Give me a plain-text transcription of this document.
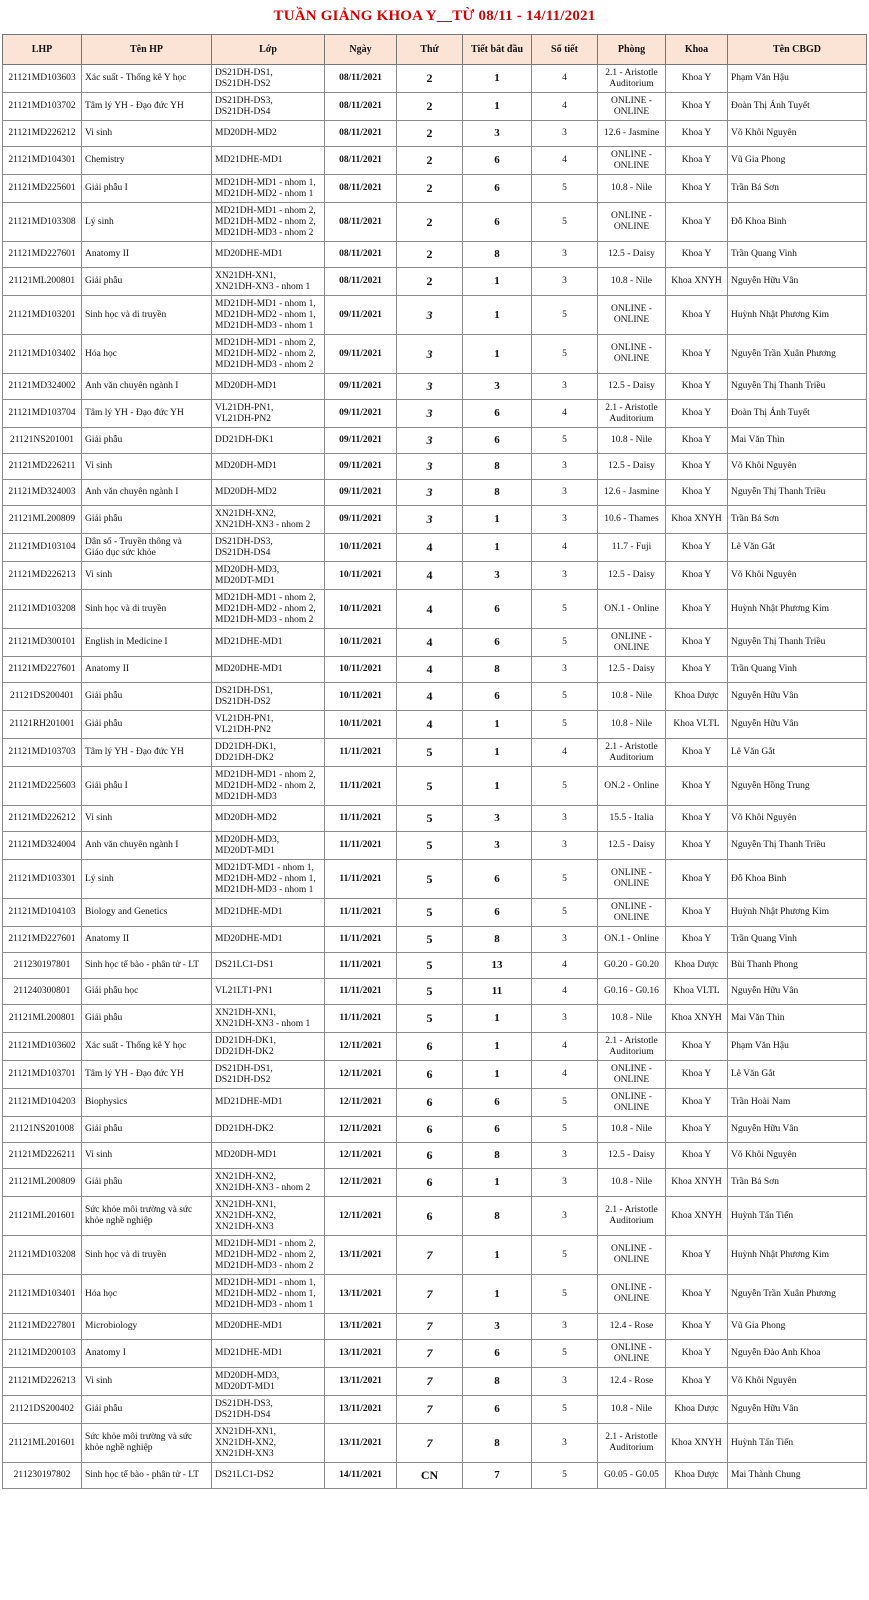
TUẦN GIẢNG KHOA Y__TỪ 08/11 - 14/11/2021
LHP	Tên HP	Lớp	Ngày	Thứ	Tiết bắt đầu	Số tiết	Phòng	Khoa	Tên CBGD
21121MD103603	Xác suất - Thống kê Y học	DS21DH-DS1,
DS21DH-DS2	08/11/2021	2	1	4	2.1 - Aristotle
Auditorium	Khoa Y	Phạm Văn Hậu
21121MD103702	Tâm lý YH - Đạo đức YH	DS21DH-DS3,
DS21DH-DS4	08/11/2021	2	1	4	ONLINE -
ONLINE	Khoa Y	Đoàn Thị Ánh Tuyết
21121MD226212	Vi sinh	MD20DH-MD2	08/11/2021	2	3	3	12.6 - Jasmine	Khoa Y	Võ Khôi Nguyên
21121MD104301	Chemistry	MD21DHE-MD1	08/11/2021	2	6	4	ONLINE -
ONLINE	Khoa Y	Vũ Gia Phong
21121MD225601	Giải phẫu I	MD21DH-MD1 - nhom 1,
MD21DH-MD2 - nhom 1	08/11/2021	2	6	5	10.8 - Nile	Khoa Y	Trần Bá Sơn
21121MD103308	Lý sinh	MD21DH-MD1 - nhom 2,
MD21DH-MD2 - nhom 2,
MD21DH-MD3 - nhom 2	08/11/2021	2	6	5	ONLINE -
ONLINE	Khoa Y	Đỗ Khoa Bình
21121MD227601	Anatomy II	MD20DHE-MD1	08/11/2021	2	8	3	12.5 - Daisy	Khoa Y	Trần Quang Vinh
21121ML200801	Giải phẫu	XN21DH-XN1,
XN21DH-XN3 - nhom 1	08/11/2021	2	1	3	10.8 - Nile	Khoa XNYH	Nguyễn Hữu Vân
21121MD103201	Sinh học và di truyền	MD21DH-MD1 - nhom 1,
MD21DH-MD2 - nhom 1,
MD21DH-MD3 - nhom 1	09/11/2021	3	1	5	ONLINE -
ONLINE	Khoa Y	Huỳnh Nhật Phương Kim
21121MD103402	Hóa học	MD21DH-MD1 - nhom 2,
MD21DH-MD2 - nhom 2,
MD21DH-MD3 - nhom 2	09/11/2021	3	1	5	ONLINE -
ONLINE	Khoa Y	Nguyễn Trần Xuân Phương
21121MD324002	Anh văn chuyên ngành I	MD20DH-MD1	09/11/2021	3	3	3	12.5 - Daisy	Khoa Y	Nguyễn Thị Thanh Triều
21121MD103704	Tâm lý YH - Đạo đức YH	VL21DH-PN1,
VL21DH-PN2	09/11/2021	3	6	4	2.1 - Aristotle
Auditorium	Khoa Y	Đoàn Thị Ánh Tuyết
21121NS201001	Giải phẫu	DD21DH-DK1	09/11/2021	3	6	5	10.8 - Nile	Khoa Y	Mai Văn Thìn
21121MD226211	Vi sinh	MD20DH-MD1	09/11/2021	3	8	3	12.5 - Daisy	Khoa Y	Võ Khôi Nguyên
21121MD324003	Anh văn chuyên ngành I	MD20DH-MD2	09/11/2021	3	8	3	12.6 - Jasmine	Khoa Y	Nguyễn Thị Thanh Triều
21121ML200809	Giải phẫu	XN21DH-XN2,
XN21DH-XN3 - nhom 2	09/11/2021	3	1	3	10.6 - Thames	Khoa XNYH	Trần Bá Sơn
21121MD103104	Dân số - Truyền thông và
Giáo dục sức khỏe	DS21DH-DS3,
DS21DH-DS4	10/11/2021	4	1	4	11.7 - Fuji	Khoa Y	Lê Văn Gắt
21121MD226213	Vi sinh	MD20DH-MD3,
MD20DT-MD1	10/11/2021	4	3	3	12.5 - Daisy	Khoa Y	Võ Khôi Nguyên
21121MD103208	Sinh học và di truyền	MD21DH-MD1 - nhom 2,
MD21DH-MD2 - nhom 2,
MD21DH-MD3 - nhom 2	10/11/2021	4	6	5	ON.1 - Online	Khoa Y	Huỳnh Nhật Phương Kim
21121MD300101	English in Medicine I	MD21DHE-MD1	10/11/2021	4	6	5	ONLINE -
ONLINE	Khoa Y	Nguyễn Thị Thanh Triều
21121MD227601	Anatomy II	MD20DHE-MD1	10/11/2021	4	8	3	12.5 - Daisy	Khoa Y	Trần Quang Vinh
21121DS200401	Giải phẫu	DS21DH-DS1,
DS21DH-DS2	10/11/2021	4	6	5	10.8 - Nile	Khoa Dược	Nguyễn Hữu Vân
21121RH201001	Giải phẫu	VL21DH-PN1,
VL21DH-PN2	10/11/2021	4	1	5	10.8 - Nile	Khoa VLTL	Nguyễn Hữu Vân
21121MD103703	Tâm lý YH - Đạo đức YH	DD21DH-DK1,
DD21DH-DK2	11/11/2021	5	1	4	2.1 - Aristotle
Auditorium	Khoa Y	Lê Văn Gắt
21121MD225603	Giải phẫu I	MD21DH-MD1 - nhom 2,
MD21DH-MD2 - nhom 2,
MD21DH-MD3	11/11/2021	5	1	5	ON.2 - Online	Khoa Y	Nguyễn Hồng Trung
21121MD226212	Vi sinh	MD20DH-MD2	11/11/2021	5	3	3	15.5 - Italia	Khoa Y	Võ Khôi Nguyên
21121MD324004	Anh văn chuyên ngành I	MD20DH-MD3,
MD20DT-MD1	11/11/2021	5	3	3	12.5 - Daisy	Khoa Y	Nguyễn Thị Thanh Triều
21121MD103301	Lý sinh	MD21DT-MD1 - nhom 1,
MD21DH-MD2 - nhom 1,
MD21DH-MD3 - nhom 1	11/11/2021	5	6	5	ONLINE -
ONLINE	Khoa Y	Đỗ Khoa Bình
21121MD104103	Biology and Genetics	MD21DHE-MD1	11/11/2021	5	6	5	ONLINE -
ONLINE	Khoa Y	Huỳnh Nhật Phương Kim
21121MD227601	Anatomy II	MD20DHE-MD1	11/11/2021	5	8	3	ON.1 - Online	Khoa Y	Trần Quang Vinh
211230197801	Sinh học tế bào - phân tử - LT	DS21LC1-DS1	11/11/2021	5	13	4	G0.20 - G0.20	Khoa Dược	Bùi Thanh Phong
211240300801	Giải phẫu học	VL21LT1-PN1	11/11/2021	5	11	4	G0.16 - G0.16	Khoa VLTL	Nguyễn Hữu Vân
21121ML200801	Giải phẫu	XN21DH-XN1,
XN21DH-XN3 - nhom 1	11/11/2021	5	1	3	10.8 - Nile	Khoa XNYH	Mai Văn Thìn
21121MD103602	Xác suất - Thống kê Y học	DD21DH-DK1,
DD21DH-DK2	12/11/2021	6	1	4	2.1 - Aristotle
Auditorium	Khoa Y	Phạm Văn Hậu
21121MD103701	Tâm lý YH - Đạo đức YH	DS21DH-DS1,
DS21DH-DS2	12/11/2021	6	1	4	ONLINE -
ONLINE	Khoa Y	Lê Văn Gắt
21121MD104203	Biophysics	MD21DHE-MD1	12/11/2021	6	6	5	ONLINE -
ONLINE	Khoa Y	Trần Hoài Nam
21121NS201008	Giải phẫu	DD21DH-DK2	12/11/2021	6	6	5	10.8 - Nile	Khoa Y	Nguyễn Hữu Vân
21121MD226211	Vi sinh	MD20DH-MD1	12/11/2021	6	8	3	12.5 - Daisy	Khoa Y	Võ Khôi Nguyên
21121ML200809	Giải phẫu	XN21DH-XN2,
XN21DH-XN3 - nhom 2	12/11/2021	6	1	3	10.8 - Nile	Khoa XNYH	Trần Bá Sơn
21121ML201601	Sức khỏe môi trường và sức
khỏe nghề nghiệp	XN21DH-XN1,
XN21DH-XN2,
XN21DH-XN3	12/11/2021	6	8	3	2.1 - Aristotle
Auditorium	Khoa XNYH	Huỳnh Tấn Tiến
21121MD103208	Sinh học và di truyền	MD21DH-MD1 - nhom 2,
MD21DH-MD2 - nhom 2,
MD21DH-MD3 - nhom 2	13/11/2021	7	1	5	ONLINE -
ONLINE	Khoa Y	Huỳnh Nhật Phương Kim
21121MD103401	Hóa học	MD21DH-MD1 - nhom 1,
MD21DH-MD2 - nhom 1,
MD21DH-MD3 - nhom 1	13/11/2021	7	1	5	ONLINE -
ONLINE	Khoa Y	Nguyễn Trần Xuân Phương
21121MD227801	Microbiology	MD20DHE-MD1	13/11/2021	7	3	3	12.4 - Rose	Khoa Y	Vũ Gia Phong
21121MD200103	Anatomy I	MD21DHE-MD1	13/11/2021	7	6	5	ONLINE -
ONLINE	Khoa Y	Nguyễn Đào Anh Khoa
21121MD226213	Vi sinh	MD20DH-MD3,
MD20DT-MD1	13/11/2021	7	8	3	12.4 - Rose	Khoa Y	Võ Khôi Nguyên
21121DS200402	Giải phẫu	DS21DH-DS3,
DS21DH-DS4	13/11/2021	7	6	5	10.8 - Nile	Khoa Dược	Nguyễn Hữu Vân
21121ML201601	Sức khỏe môi trường và sức
khỏe nghề nghiệp	XN21DH-XN1,
XN21DH-XN2,
XN21DH-XN3	13/11/2021	7	8	3	2.1 - Aristotle
Auditorium	Khoa XNYH	Huỳnh Tấn Tiến
211230197802	Sinh học tế bào - phân tử - LT	DS21LC1-DS2	14/11/2021	CN	7	5	G0.05 - G0.05	Khoa Dược	Mai Thành Chung
